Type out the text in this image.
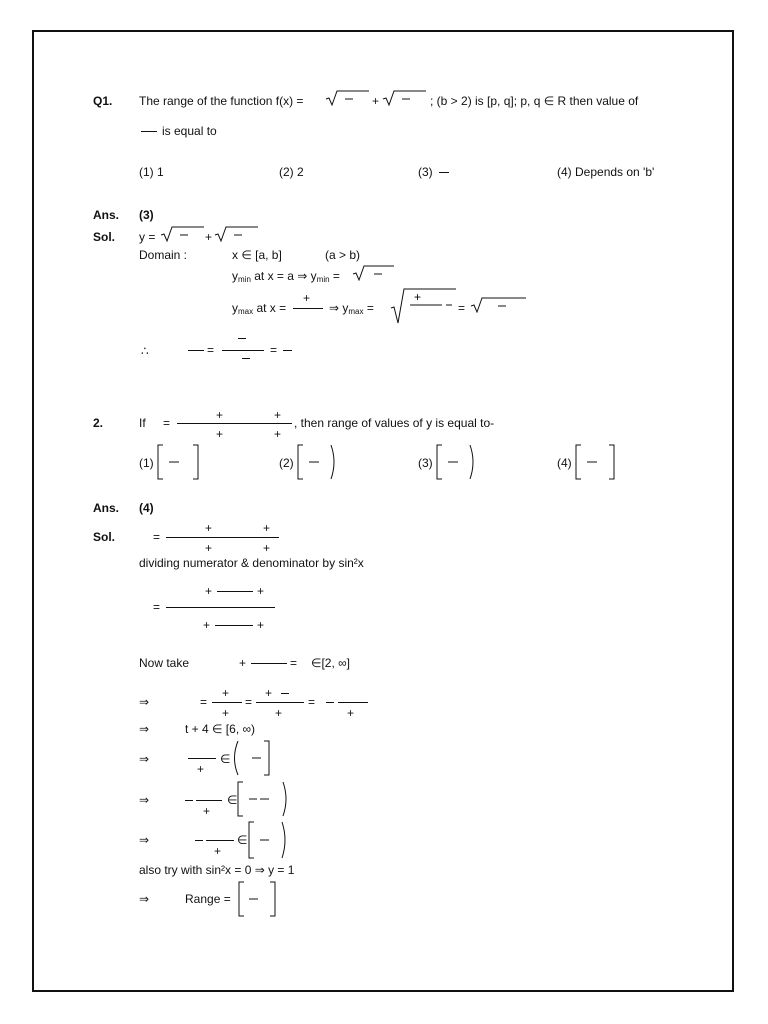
Q1. The range of the function f(x) =	+	; (b > 2) is [p, q]; p, q ∈ R then value of
is equal to
(1) 1	(2) 2	(3)	(4) Depends on 'b'
Ans. (3)
Sol. y =	+
Domain :	x ∈ [a, b]	(a > b)
$y_{min}$ at x = a ⇒ $y_{min}$ =
$y_{max}$ at x =
+
⇒ $y_{max}$ =
+
=
∴	=	=
2.	If =
+	+
+	+
, then range of values of y is equal to-
(1)	(2)	(3)	(4)
Ans. (4)
Sol.	=
+	+
+	+
dividing numerator & denominator by sin²x
=
+	+
+	+
Now take	+	= ∈[2, ∞]
⇒	=
+
+
=
+
+
=
+
⇒	t + 4 ∈ [6, ∞)
⇒
+
∈
⇒
+
∈
⇒
+
∈
also try with sin²x = 0 ⇒ y = 1
⇒	Range =
